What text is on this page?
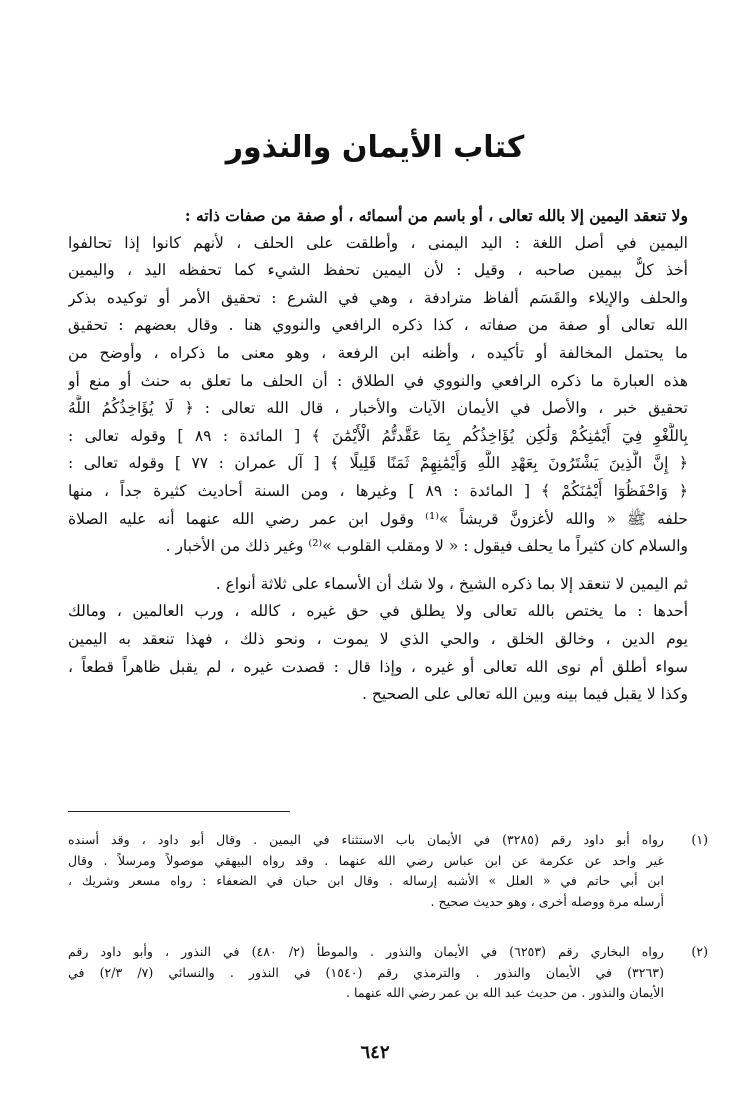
كتاب الأيمان والنذور
ولا تنعقد اليمين إلا بالله تعالى ، أو باسم من أسمائه ، أو صفة من صفات ذاته :
اليمين في أصل اللغة : اليد اليمنى ، وأطلقت على الحلف ، لأنهم كانوا إذا تحالفوا
أخذ كلٌّ بيمين صاحبه ، وقيل : لأن اليمين تحفظ الشيء كما تحفظه اليد ، واليمين
والحلف والإيلاء والقَسَم ألفاظ مترادفة ، وهي في الشرع : تحقيق الأمر أو توكيده بذكر
الله تعالى أو صفة من صفاته ، كذا ذكره الرافعي والنووي هنا . وقال بعضهم : تحقيق
ما يحتمل المخالفة أو تأكيده ، وأظنه ابن الرفعة ، وهو معنى ما ذكراه ، وأوضح من
هذه العبارة ما ذكره الرافعي والنووي في الطلاق : أن الحلف ما تعلق به حنث أو منع أو
تحقيق خبر ، والأصل في الأيمان الآيات والأخبار ، قال الله تعالى : ﴿ لَا يُؤَاخِذُكُمُ اللَّهُ
بِاللَّغْوِ فِيٓ أَيْمَٰنِكُمْ وَلَٰكِن يُؤَاخِذُكُم بِمَا عَقَّدتُّمُ الْأَيْمَٰنَ ﴾ [ المائدة : ٨٩ ] وقوله تعالى :
﴿ إِنَّ الَّذِينَ يَشْتَرُونَ بِعَهْدِ اللَّهِ وَأَيْمَٰنِهِمْ ثَمَنًا قَلِيلًا ﴾ [ آل عمران : ٧٧ ] وقوله تعالى :
﴿ وَاحْفَظُوٓا أَيْمَٰنَكُمْ ﴾ [ المائدة : ٨٩ ] وغيرها ، ومن السنة أحاديث كثيرة جداً ، منها
حلفه ﷺ « والله لأغزونَّ قريشاً »⁽¹⁾ وقول ابن عمر رضي الله عنهما أنه عليه الصلاة
والسلام كان كثيراً ما يحلف فيقول : « لا ومقلب القلوب »⁽²⁾ وغير ذلك من الأخبار .
ثم اليمين لا تنعقد إلا بما ذكره الشيخ ، ولا شك أن الأسماء على ثلاثة أنواع .
أحدها : ما يختص بالله تعالى ولا يطلق في حق غيره ، كالله ، ورب العالمين ، ومالك
يوم الدين ، وخالق الخلق ، والحي الذي لا يموت ، ونحو ذلك ، فهذا تنعقد به اليمين
سواء أطلق أم نوى الله تعالى أو غيره ، وإذا قال : قصدت غيره ، لم يقبل ظاهراً قطعاً ،
وكذا لا يقبل فيما بينه وبين الله تعالى على الصحيح .
(١)
رواه أبو داود رقم (٣٢٨٥) في الأيمان باب الاستثناء في اليمين . وقال أبو داود ، وقد أسنده
غير واحد عن عكرمة عن ابن عباس رضي الله عنهما . وقد رواه البيهقي موصولاً ومرسلاً . وقال
ابن أبي حاتم في « العلل » الأشبه إرساله . وقال ابن حبان في الضعفاء : رواه مسعر وشريك ،
أرسله مرة ووصله أخرى ، وهو حديث صحيح .
(٢)
رواه البخاري رقم (٦٢٥٣) في الأيمان والنذور . والموطأ (٢/ ٤٨٠) في النذور ، وأبو داود رقم
(٣٢٦٣) في الأيمان والنذور . والترمذي رقم (١٥٤٠) في النذور . والنسائي (٧/ ٢/٣) في
الأيمان والنذور . من حديث عبد الله بن عمر رضي الله عنهما .
٦٤٢
